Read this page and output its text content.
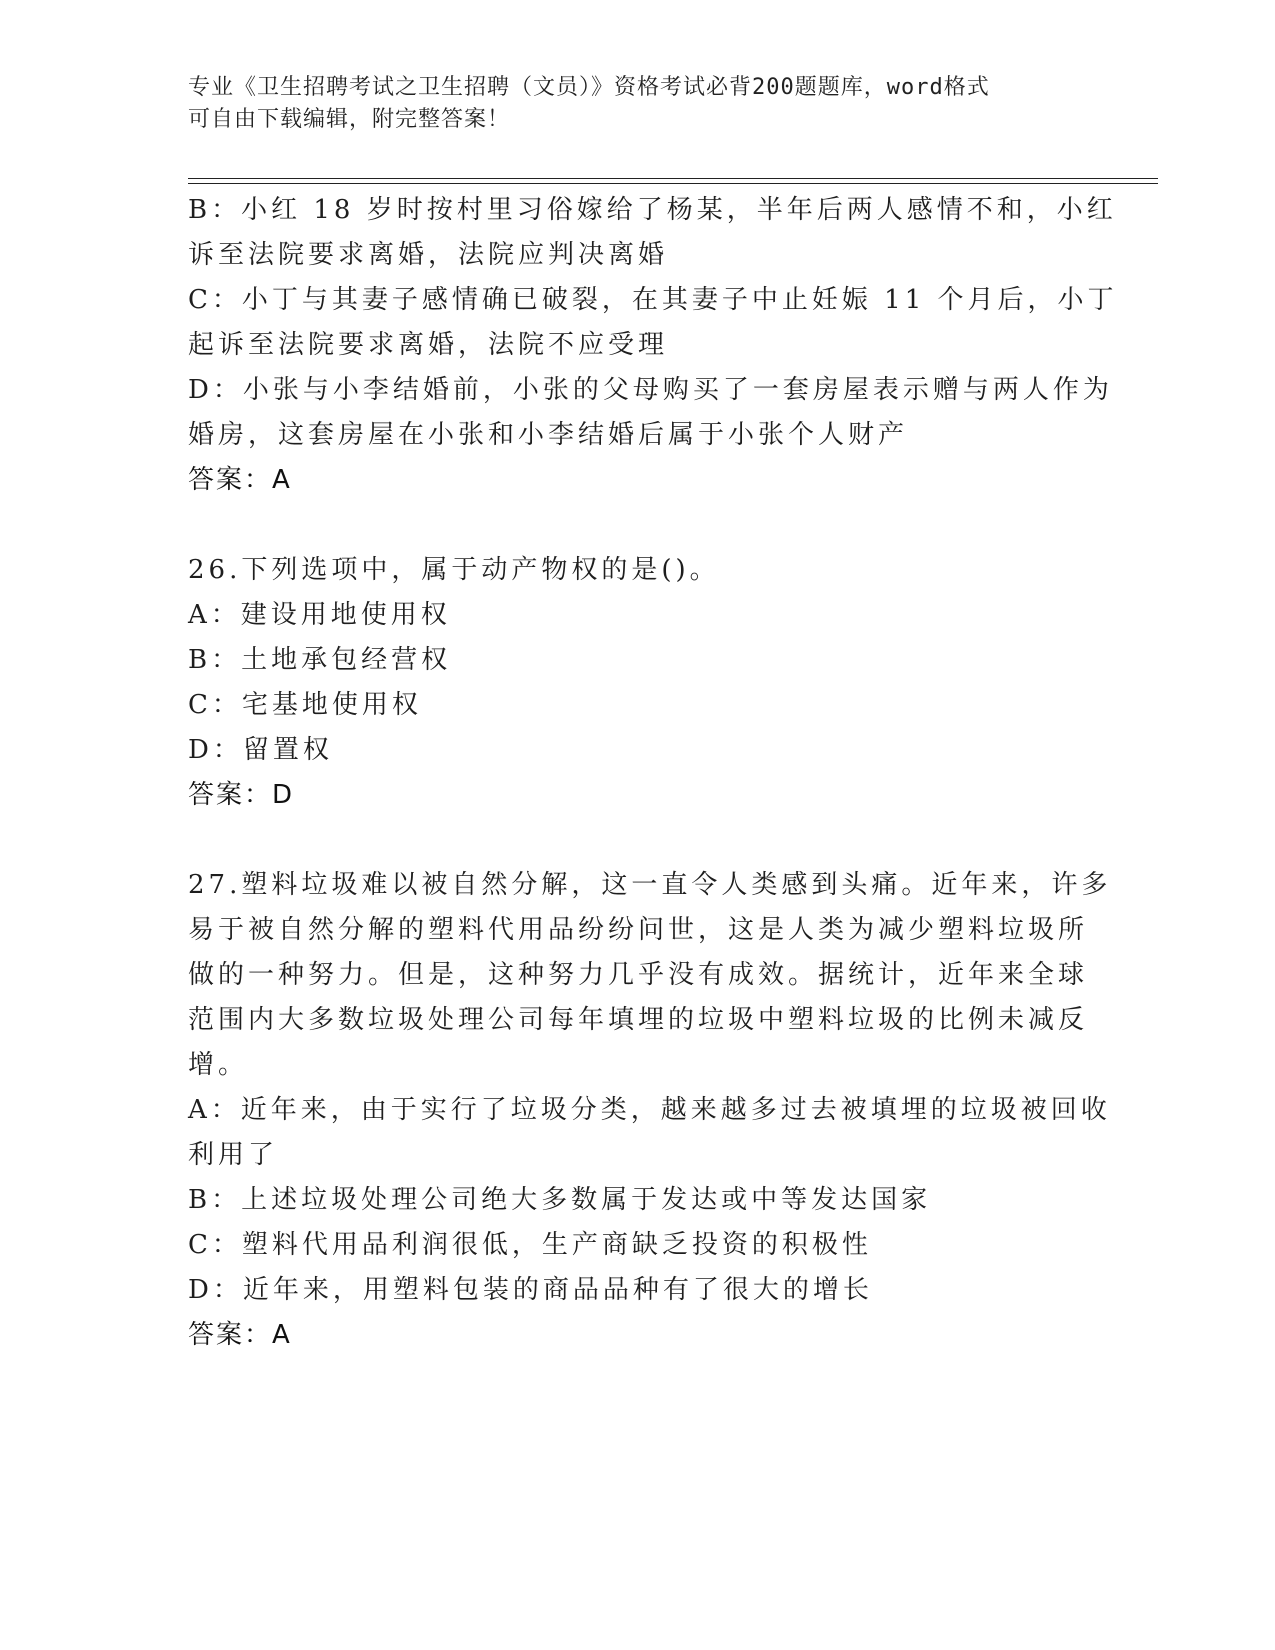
专业《卫生招聘考试之卫生招聘（文员）》资格考试必背200题题库，word格式
可自由下载编辑，附完整答案！
B：小红 18 岁时按村里习俗嫁给了杨某，半年后两人感情不和，小红
诉至法院要求离婚，法院应判决离婚
C：小丁与其妻子感情确已破裂，在其妻子中止妊娠 11 个月后，小丁
起诉至法院要求离婚，法院不应受理
D：小张与小李结婚前，小张的父母购买了一套房屋表示赠与两人作为
婚房，这套房屋在小张和小李结婚后属于小张个人财产
答案：A
26.下列选项中，属于动产物权的是()。
A：建设用地使用权
B：土地承包经营权
C：宅基地使用权
D：留置权
答案：D
27.塑料垃圾难以被自然分解，这一直令人类感到头痛。近年来，许多
易于被自然分解的塑料代用品纷纷问世，这是人类为减少塑料垃圾所
做的一种努力。但是，这种努力几乎没有成效。据统计，近年来全球
范围内大多数垃圾处理公司每年填埋的垃圾中塑料垃圾的比例未减反
增。
A：近年来，由于实行了垃圾分类，越来越多过去被填埋的垃圾被回收
利用了
B：上述垃圾处理公司绝大多数属于发达或中等发达国家
C：塑料代用品利润很低，生产商缺乏投资的积极性
D：近年来，用塑料包装的商品品种有了很大的增长
答案：A
